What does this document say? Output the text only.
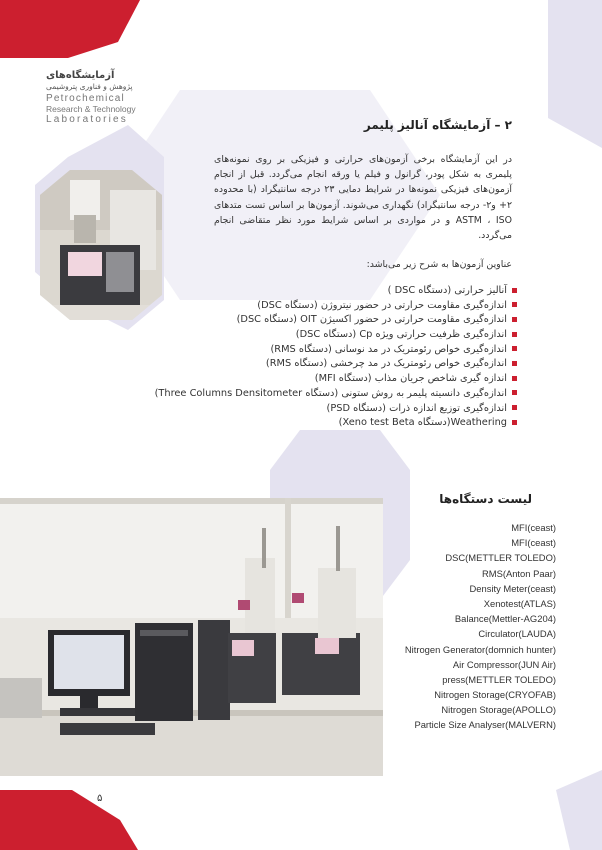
آزمایشگاه‌های
پژوهش و فناوری پتروشیمی
Petrochemical
Research & Technology
Laboratories	۲ – آزمایشگاه آنالیز پلیمر
در این آزمایشگاه برخی آزمون‌های حرارتی و فیزیکی بر روی نمونه‌های پلیمری به شکل پودر، گرانول و فیلم یا ورقه انجام می‌گردد. قبل از انجام آزمون‌های فیزیکی نمونه‌ها در شرایط دمایی ۲۳ درجه سانتیگراد (با محدوده ۲+ و۲- درجه سانتیگراد) نگهداری می‌شوند. آزمون‌ها بر اساس تست متدهای ASTM ، ISO و در مواردی بر اساس شرایط مورد نظر متقاضی انجام می‌گردد.
عناوین آزمون‌ها به شرح زیر می‌باشد:
آنالیز حرارتی (دستگاه DSC )
اندازه‌گیری مقاومت حرارتی در حضور نیتروژن (دستگاه DSC)
اندازه‌گیری مقاومت حرارتی در حضور اکسیژن OIT (دستگاه DSC)
اندازه‌گیری ظرفیت حرارتی ویژه Cp (دستگاه DSC)
اندازه‌گیری خواص رئومتریک در مد نوسانی (دستگاه RMS)
اندازه‌گیری خواص رئومتریک در مد چرخشی (دستگاه RMS)
اندازه گیری شاخص جریان مذاب (دستگاه MFI)
اندازه‌گیری دانسیته پلیمر به روش ستونی (دستگاه Three Columns Densitometer)
اندازه‌گیری توزیع اندازه ذرات (دستگاه PSD)
Weathering(دستگاه Xeno test Beta)
لیست دستگاه‌ها
MFI(ceast)
MFI(ceast)
DSC(METTLER TOLEDO)
RMS(Anton Paar)
Density Meter(ceast)
Xenotest(ATLAS)
Balance(Mettler-AG204)
Circulator(LAUDA)
Nitrogen Generator(domnich hunter)
Air Compressor(JUN Air)
press(METTLER TOLEDO)
Nitrogen Storage(CRYOFAB)
Nitrogen Storage(APOLLO)
Particle Size Analyser(MALVERN)
۵
